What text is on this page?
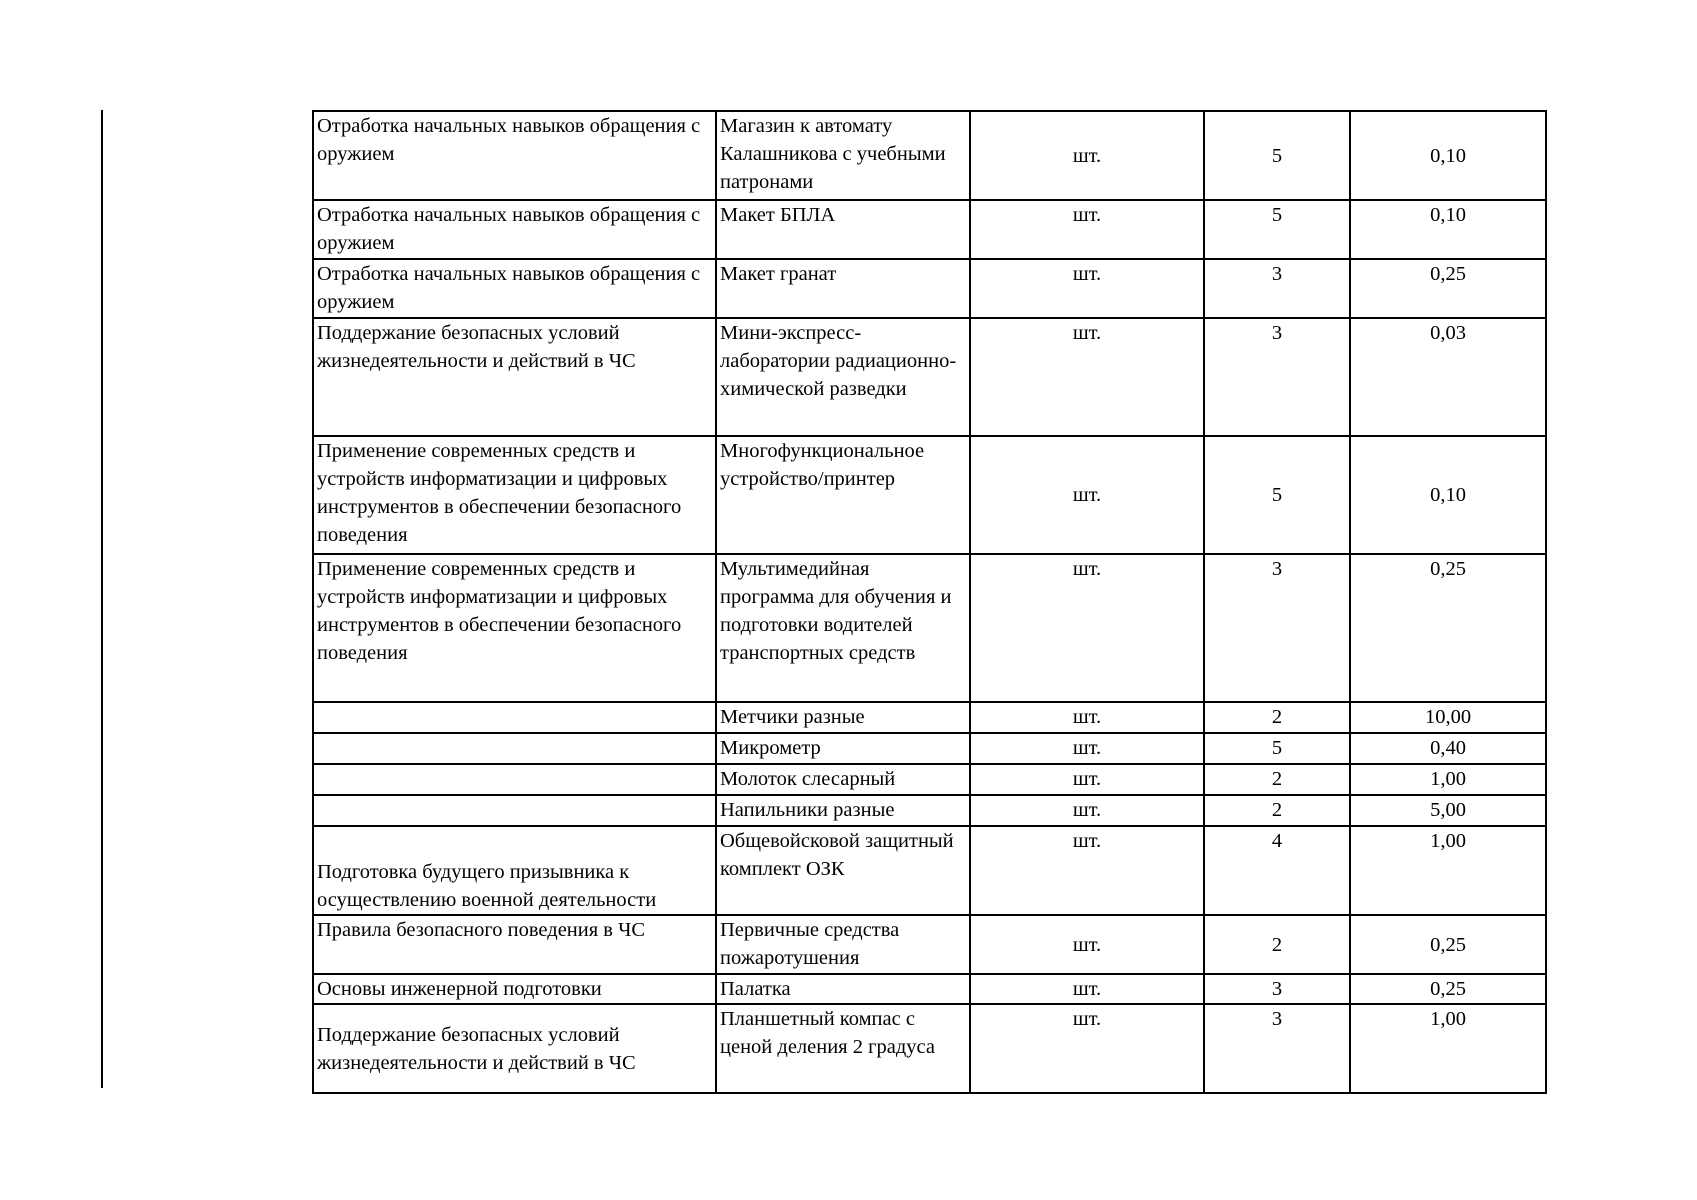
Отработка начальных навыков обращения с оружием	Магазин к автомату Калашникова с учебными патронами	шт.	5	0,10
Отработка начальных навыков обращения с оружием	Макет БПЛА	шт.	5	0,10
Отработка начальных навыков обращения с оружием	Макет гранат	шт.	3	0,25
Поддержание безопасных условий жизнедеятельности и действий в ЧС	Мини-экспресс-лаборатории радиационно-химической разведки	шт.	3	0,03
Применение современных средств и устройств информатизации и цифровых инструментов в обеспечении безопасного поведения	Многофункциональное устройство/принтер	шт.	5	0,10
Применение современных средств и устройств информатизации и цифровых инструментов в обеспечении безопасного поведения	Мультимедийная программа для обучения и подготовки водителей транспортных средств	шт.	3	0,25
	Метчики разные	шт.	2	10,00
	Микрометр	шт.	5	0,40
	Молоток слесарный	шт.	2	1,00
	Напильники разные	шт.	2	5,00
Подготовка будущего призывника к осуществлению военной деятельности	Общевойсковой защитный комплект ОЗК	шт.	4	1,00
Правила безопасного поведения в ЧС	Первичные средства пожаротушения	шт.	2	0,25
Основы инженерной подготовки	Палатка	шт.	3	0,25
Поддержание безопасных условий жизнедеятельности и действий в ЧС	Планшетный компас с ценой деления 2 градуса	шт.	3	1,00
